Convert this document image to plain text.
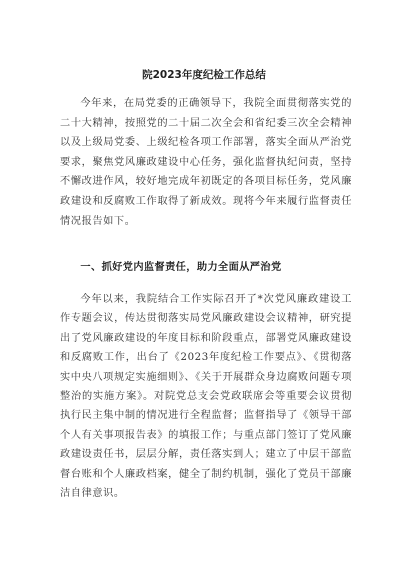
院2023年度纪检工作总结

今年来，在局党委的正确领导下，我院全面贯彻落实党的二十大精神，按照党的二十届二次全会和省纪委三次全会精神以及上级局党委、上级纪检各项工作部署，落实全面从严治党要求，聚焦党风廉政建设中心任务，强化监督执纪问责，坚持不懈改进作风，较好地完成年初既定的各项目标任务，党风廉政建设和反腐败工作取得了新成效。现将今年来履行监督责任情况报告如下。

一、抓好党内监督责任，助力全面从严治党

今年以来，我院结合工作实际召开了*次党风廉政建设工作专题会议，传达贯彻落实局党风廉政建设会议精神，研究提出了党风廉政建设的年度目标和阶段重点，部署党风廉政建设和反腐败工作，出台了《2023年度纪检工作要点》、《贯彻落实中央八项规定实施细则》、《关于开展群众身边腐败问题专项整治的实施方案》。对院党总支会党政联席会等重要会议贯彻执行民主集中制的情况进行全程监督；监督指导了《领导干部个人有关事项报告表》的填报工作；与重点部门签订了党风廉政建设责任书，层层分解，责任落实到人；建立了中层干部监督台账和个人廉政档案，健全了制约机制，强化了党员干部廉洁自律意识。
